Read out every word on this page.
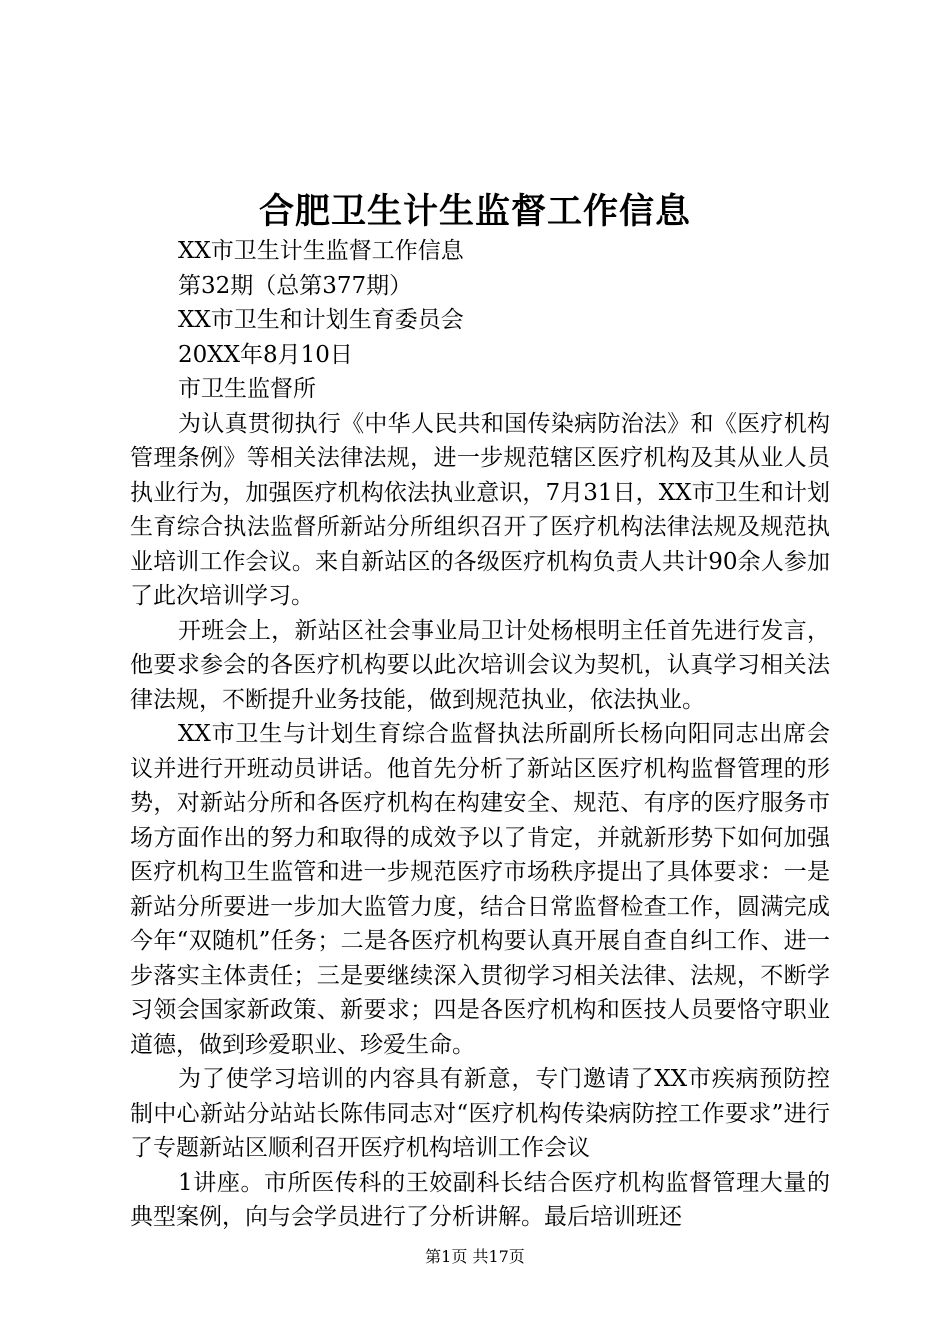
合肥卫生计生监督工作信息
XX市卫生计生监督工作信息
第32期（总第377期）
XX市卫生和计划生育委员会
20XX年8月10日
市卫生监督所

为认真贯彻执行《中华人民共和国传染病防治法》和《医疗机构管理条例》等相关法律法规，进一步规范辖区医疗机构及其从业人员执业行为，加强医疗机构依法执业意识，7月31日，XX市卫生和计划生育综合执法监督所新站分所组织召开了医疗机构法律法规及规范执业培训工作会议。来自新站区的各级医疗机构负责人共计90余人参加了此次培训学习。

开班会上，新站区社会事业局卫计处杨根明主任首先进行发言，他要求参会的各医疗机构要以此次培训会议为契机，认真学习相关法律法规，不断提升业务技能，做到规范执业，依法执业。

XX市卫生与计划生育综合监督执法所副所长杨向阳同志出席会议并进行开班动员讲话。他首先分析了新站区医疗机构监督管理的形势，对新站分所和各医疗机构在构建安全、规范、有序的医疗服务市场方面作出的努力和取得的成效予以了肯定，并就新形势下如何加强医疗机构卫生监管和进一步规范医疗市场秩序提出了具体要求：一是新站分所要进一步加大监管力度，结合日常监督检查工作，圆满完成今年“双随机”任务；二是各医疗机构要认真开展自查自纠工作、进一步落实主体责任；三是要继续深入贯彻学习相关法律、法规，不断学习领会国家新政策、新要求；四是各医疗机构和医技人员要恪守职业道德，做到珍爱职业、珍爱生命。

为了使学习培训的内容具有新意，专门邀请了XX市疾病预防控制中心新站分站站长陈伟同志对“医疗机构传染病防控工作要求”进行了专题新站区顺利召开医疗机构培训工作会议

1讲座。市所医传科的王姣副科长结合医疗机构监督管理大量的典型案例，向与会学员进行了分析讲解。最后培训班还

第1页 共17页
